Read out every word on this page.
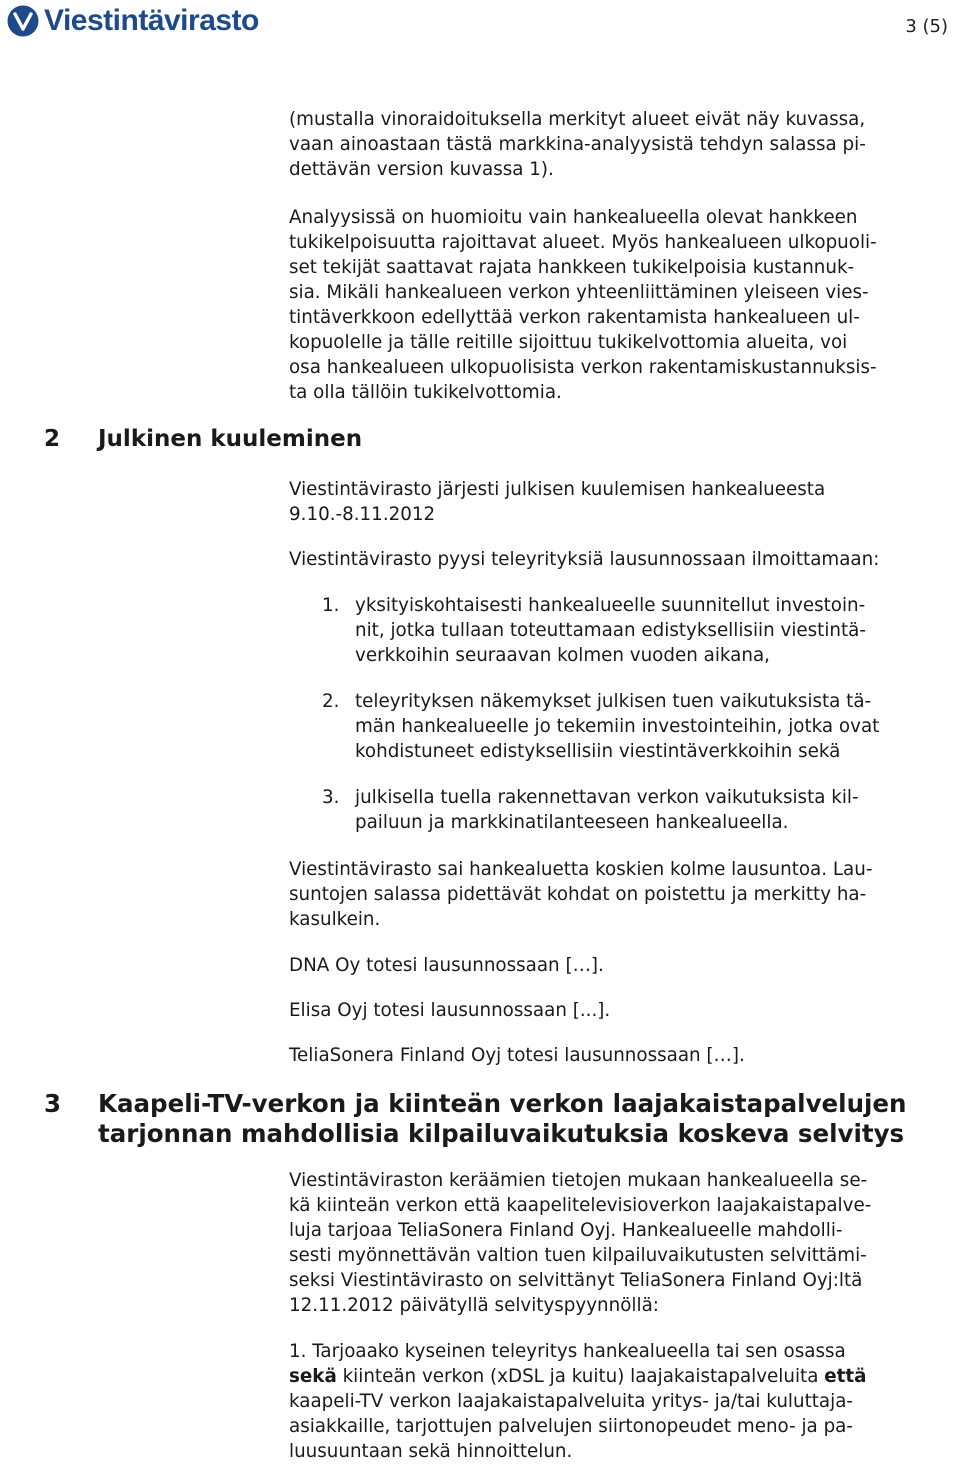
Viestintävirasto	3 (5)

(mustalla vinoraidoituksella merkityt alueet eivät näy kuvassa,
vaan ainoastaan tästä markkina-analyysistä tehdyn salassa pi-
dettävän version kuvassa 1).

Analyysissä on huomioitu vain hankealueella olevat hankkeen
tukikelpoisuutta rajoittavat alueet. Myös hankealueen ulkopuoli-
set tekijät saattavat rajata hankkeen tukikelpoisia kustannuk-
sia. Mikäli hankealueen verkon yhteenliittäminen yleiseen vies-
tintäverkkoon edellyttää verkon rakentamista hankealueen ul-
kopuolelle ja tälle reitille sijoittuu tukikelvottomia alueita, voi
osa hankealueen ulkopuolisista verkon rakentamiskustannuksis-
ta olla tällöin tukikelvottomia.

2 Julkinen kuuleminen

Viestintävirasto järjesti julkisen kuulemisen hankealueesta
9.10.-8.11.2012

Viestintävirasto pyysi teleyrityksiä lausunnossaan ilmoittamaan:

1. yksityiskohtaisesti hankealueelle suunnitellut investoin-
nit, jotka tullaan toteuttamaan edistyksellisiin viestintä-
verkkoihin seuraavan kolmen vuoden aikana,
2. teleyrityksen näkemykset julkisen tuen vaikutuksista tä-
män hankealueelle jo tekemiin investointeihin, jotka ovat
kohdistuneet edistyksellisiin viestintäverkkoihin sekä
3. julkisella tuella rakennettavan verkon vaikutuksista kil-
pailuun ja markkinatilanteeseen hankealueella.

Viestintävirasto sai hankealuetta koskien kolme lausuntoa. Lau-
suntojen salassa pidettävät kohdat on poistettu ja merkitty ha-
kasulkein.

DNA Oy totesi lausunnossaan […].

Elisa Oyj totesi lausunnossaan [...].

TeliaSonera Finland Oyj totesi lausunnossaan […].

3 Kaapeli-TV-verkon ja kiinteän verkon laajakaistapalvelujen
tarjonnan mahdollisia kilpailuvaikutuksia koskeva selvitys

Viestintäviraston keräämien tietojen mukaan hankealueella se-
kä kiinteän verkon että kaapelitelevisioverkon laajakaistapalve-
luja tarjoaa TeliaSonera Finland Oyj. Hankealueelle mahdolli-
sesti myönnettävän valtion tuen kilpailuvaikutusten selvittämi-
seksi Viestintävirasto on selvittänyt TeliaSonera Finland Oyj:ltä
12.11.2012 päivätyllä selvityspyynnöllä:

1. Tarjoaako kyseinen teleyritys hankealueella tai sen osassa
sekä kiinteän verkon (xDSL ja kuitu) laajakaistapalveluita että
kaapeli-TV verkon laajakaistapalveluita yritys- ja/tai kuluttaja-
asiakkaille, tarjottujen palvelujen siirtonopeudet meno- ja pa-
luusuuntaan sekä hinnoittelun.
